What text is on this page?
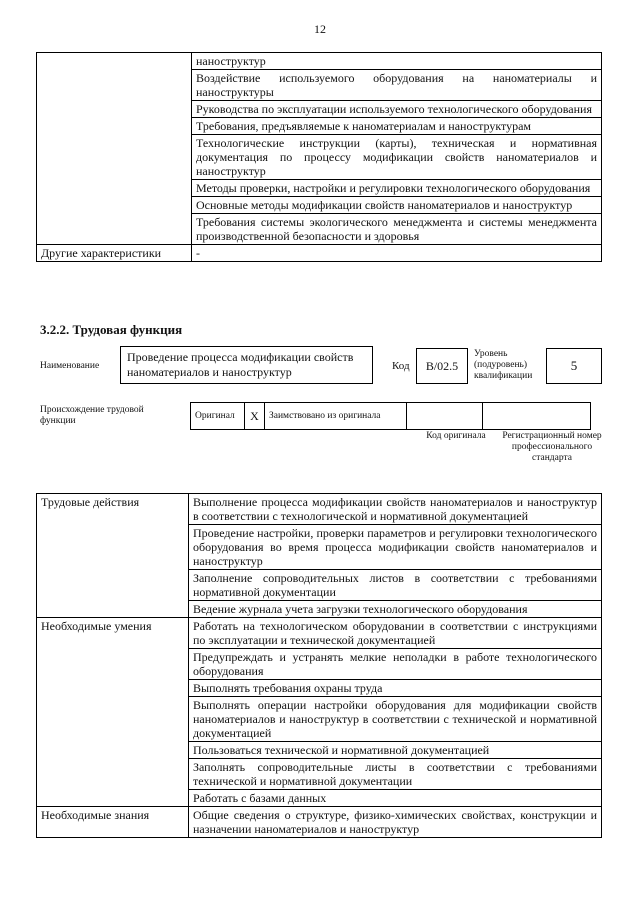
12
	наноструктур
	Воздействие используемого оборудования на наноматериалы и наноструктуры
	Руководства по эксплуатации используемого технологического оборудования
	Требования, предъявляемые к наноматериалам и наноструктурам
	Технологические инструкции (карты), техническая и нормативная документация по процессу модификации свойств наноматериалов и наноструктур
	Методы проверки, настройки и регулировки технологического оборудования
	Основные методы модификации свойств наноматериалов и наноструктур
	Требования системы экологического менеджмента и системы менеджмента производственной безопасности и здоровья
Другие характеристики	-
3.2.2. Трудовая функция
Наименование
Проведение процесса модификации свойств наноматериалов и наноструктур	Код	В/02.5
Уровень (подуровень) квалификации
5
Происхождение трудовой функции	Оригинал	X	Заимствовано из оригинала		
Код оригинала	Регистрационный номер профессионального стандарта
Трудовые действия	Выполнение процесса модификации свойств наноматериалов и наноструктур в соответствии с технологической и нормативной документацией
	Проведение настройки, проверки параметров и регулировки технологического оборудования во время процесса модификации свойств наноматериалов и наноструктур
	Заполнение сопроводительных листов в соответствии с требованиями нормативной документации
	Ведение журнала учета загрузки технологического оборудования
Необходимые умения	Работать на технологическом оборудовании в соответствии с инструкциями по эксплуатации и технической документацией
	Предупреждать и устранять мелкие неполадки в работе технологического оборудования
	Выполнять требования охраны труда
	Выполнять операции настройки оборудования для модификации свойств наноматериалов и наноструктур в соответствии с технической и нормативной документацией
	Пользоваться технической и нормативной документацией
	Заполнять сопроводительные листы в соответствии с требованиями технической и нормативной документации
	Работать с базами данных
Необходимые знания	Общие сведения о структуре, физико-химических свойствах, конструкции и назначении наноматериалов и наноструктур
